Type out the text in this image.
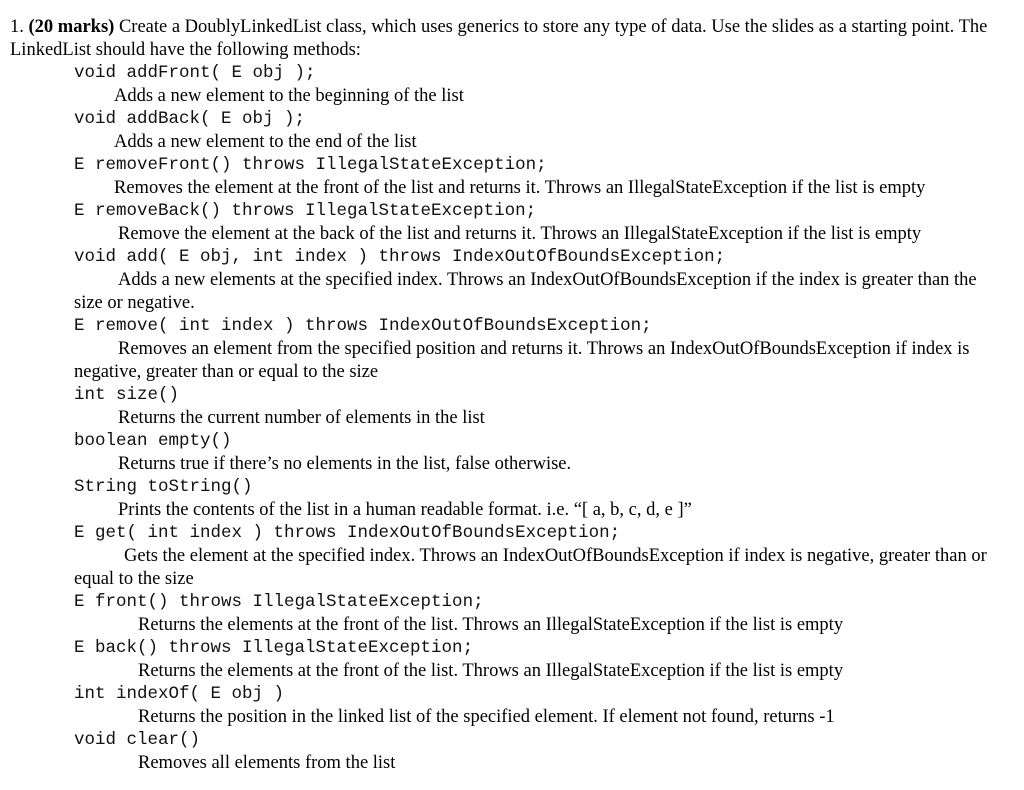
1. (20 marks) Create a DoublyLinkedList class, which uses generics to store any type of data. Use the slides as a starting point. The LinkedList should have the following methods:

void addFront( E obj );
Adds a new element to the beginning of the list
void addBack( E obj );
Adds a new element to the end of the list
E removeFront() throws IllegalStateException;
Removes the element at the front of the list and returns it. Throws an IllegalStateException if the list is empty
E removeBack() throws IllegalStateException;
Remove the element at the back of the list and returns it. Throws an IllegalStateException if the list is empty
void add( E obj, int index ) throws IndexOutOfBoundsException;
Adds a new elements at the specified index. Throws an IndexOutOfBoundsException if the index is greater than the size or negative.
E remove( int index ) throws IndexOutOfBoundsException;
Removes an element from the specified position and returns it. Throws an IndexOutOfBoundsException if index is negative, greater than or equal to the size
int size()
Returns the current number of elements in the list
boolean empty()
Returns true if there’s no elements in the list, false otherwise.
String toString()
Prints the contents of the list in a human readable format. i.e. “[ a, b, c, d, e ]”
E get( int index ) throws IndexOutOfBoundsException;
Gets the element at the specified index. Throws an IndexOutOfBoundsException if index is negative, greater than or equal to the size
E front() throws IllegalStateException;
Returns the elements at the front of the list. Throws an IllegalStateException if the list is empty
E back() throws IllegalStateException;
Returns the elements at the front of the list. Throws an IllegalStateException if the list is empty
int indexOf( E obj )
Returns the position in the linked list of the specified element. If element not found, returns -1
void clear()
Removes all elements from the list
